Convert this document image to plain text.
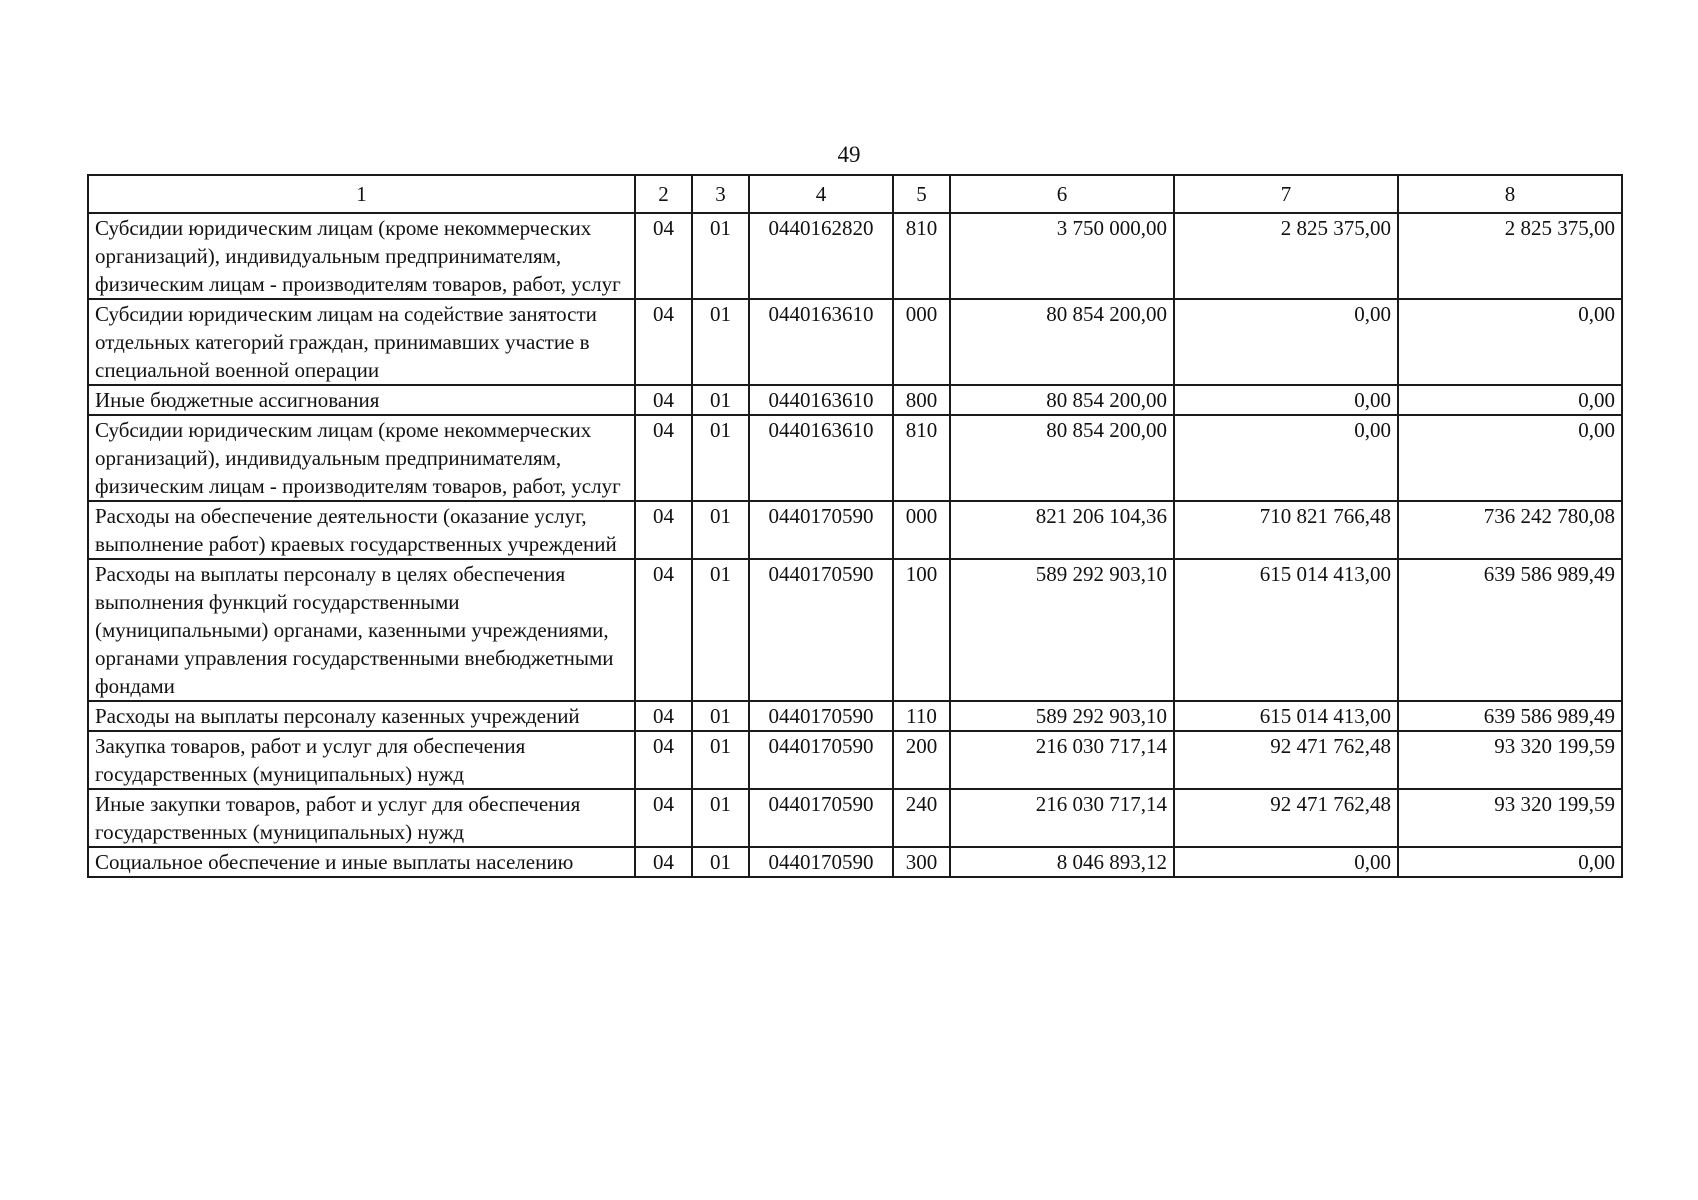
49
1	2	3	4	5	6	7	8
Субсидии юридическим лицам (кроме некоммерческих организаций), индивидуальным предпринимателям, физическим лицам - производителям товаров, работ, услуг	04	01	0440162820	810	3 750 000,00	2 825 375,00	2 825 375,00
Субсидии юридическим лицам на содействие занятости отдельных категорий граждан, принимавших участие в специальной военной операции	04	01	0440163610	000	80 854 200,00	0,00	0,00
Иные бюджетные ассигнования	04	01	0440163610	800	80 854 200,00	0,00	0,00
Субсидии юридическим лицам (кроме некоммерческих организаций), индивидуальным предпринимателям, физическим лицам - производителям товаров, работ, услуг	04	01	0440163610	810	80 854 200,00	0,00	0,00
Расходы на обеспечение деятельности (оказание услуг, выполнение работ) краевых государственных учреждений	04	01	0440170590	000	821 206 104,36	710 821 766,48	736 242 780,08
Расходы на выплаты персоналу в целях обеспечения выполнения функций государственными (муниципальными) органами, казенными учреждениями, органами управления государственными внебюджетными фондами	04	01	0440170590	100	589 292 903,10	615 014 413,00	639 586 989,49
Расходы на выплаты персоналу казенных учреждений	04	01	0440170590	110	589 292 903,10	615 014 413,00	639 586 989,49
Закупка товаров, работ и услуг для обеспечения государственных (муниципальных) нужд	04	01	0440170590	200	216 030 717,14	92 471 762,48	93 320 199,59
Иные закупки товаров, работ и услуг для обеспечения государственных (муниципальных) нужд	04	01	0440170590	240	216 030 717,14	92 471 762,48	93 320 199,59
Социальное обеспечение и иные выплаты населению	04	01	0440170590	300	8 046 893,12	0,00	0,00
